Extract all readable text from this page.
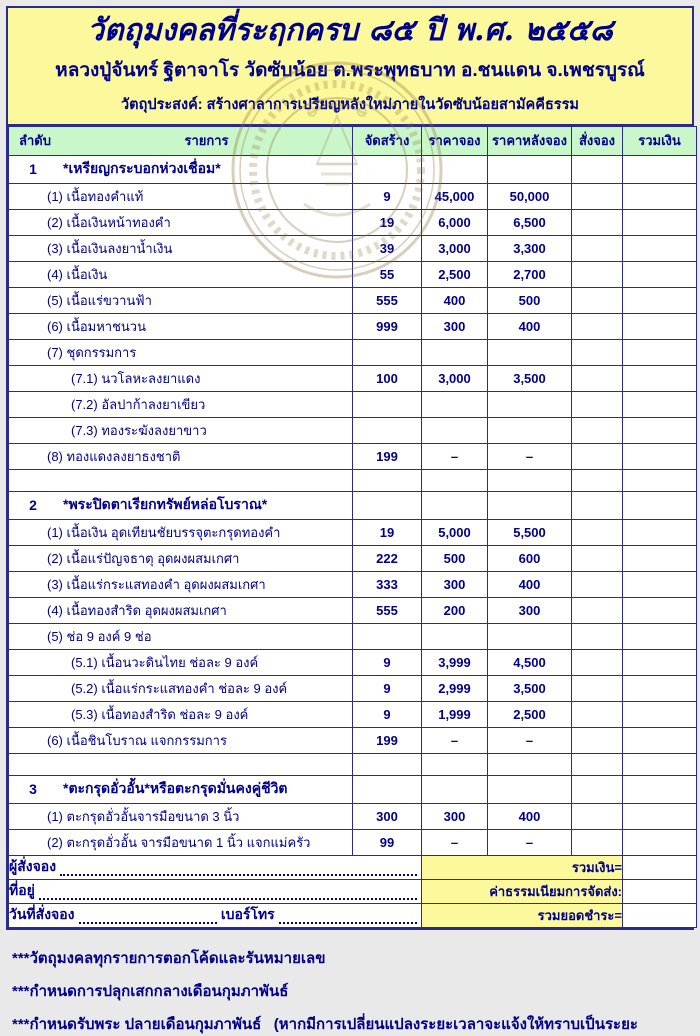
วัตถุมงคลที่ระฤกครบ ๘๕ ปี พ.ศ. ๒๕๕๘
หลวงปู่จันทร์ ฐิตาจาโร วัดซับน้อย ต.พระพุทธบาท อ.ชนแดน จ.เพชรบูรณ์
วัตถุประสงค์: สร้างศาลาการเปรียญหลังใหม่ภายในวัดซับน้อยสามัคคีธรรม
ลำดับ รายการ	จัดสร้าง	ราคาจอง	ราคาหลังจอง	สั่งจอง	รวมเงิน

1 *เหรียญกระบอกห่วงเชื่อม*					

(1) เนื้อทองคำแท้	9	45,000	50,000		

(2) เนื้อเงินหน้าทองคำ	19	6,000	6,500		

(3) เนื้อเงินลงยาน้ำเงิน	39	3,000	3,300		

(4) เนื้อเงิน	55	2,500	2,700		

(5) เนื้อแร่ขวานฟ้า	555	400	500		

(6) เนื้อมหาชนวน	999	300	400		

(7) ชุดกรรมการ					

(7.1) นวโลหะลงยาแดง	100	3,000	3,500		

(7.2) อัลปาก้าลงยาเขียว					

(7.3) ทองระฆังลงยาขาว					

(8) ทองแดงลงยาธงชาติ	199	–	–		

2 *พระปิดตาเรียกทรัพย์หล่อโบราณ*					

(1) เนื้อเงิน อุดเทียนชัยบรรจุตะกรุดทองคำ	19	5,000	5,500		

(2) เนื้อแร่ปัญจธาตุ อุดผงผสมเกศา	222	500	600		

(3) เนื้อแร่กระแสทองคำ อุดผงผสมเกศา	333	300	400		

(4) เนื้อทองสำริด อุดผงผสมเกศา	555	200	300		

(5) ช่อ 9 องค์ 9 ช่อ					

(5.1) เนื้อนวะดินไทย ช่อละ 9 องค์	9	3,999	4,500		

(5.2) เนื้อแร่กระแสทองคำ ช่อละ 9 องค์	9	2,999	3,500		

(5.3) เนื้อทองสำริด ช่อละ 9 องค์	9	1,999	2,500		

(6) เนื้อชินโบราณ แจกกรรมการ	199	–	–		

3 *ตะกรุดอั่วอั้น*หรือตะกรุดมั่นคงคู่ชีวิต					

(1) ตะกรุดอั่วอั้นจารมือขนาด 3 นิ้ว	300	300	400		

(2) ตะกรุดอั่วอั้น จารมือขนาด 1 นิ้ว แจกแม่ครัว	99	–	–		

ผู้สั่งจอง		รวมเงิน=			

ที่อยู่		ค่าธรรมเนียมการจัดส่ง:			

วันที่สั่งจอง เบอร์โทร		รวมยอดชำระ=			
***วัตถุมงคลทุกรายการตอกโค้ดและรันหมายเลข
***กำหนดการปลุกเสกกลางเดือนกุมภาพันธ์
***กำหนดรับพระ ปลายเดือนกุมภาพันธ์   (หากมีการเปลี่ยนแปลงระยะเวลาจะแจ้งให้ทราบเป็นระยะ
